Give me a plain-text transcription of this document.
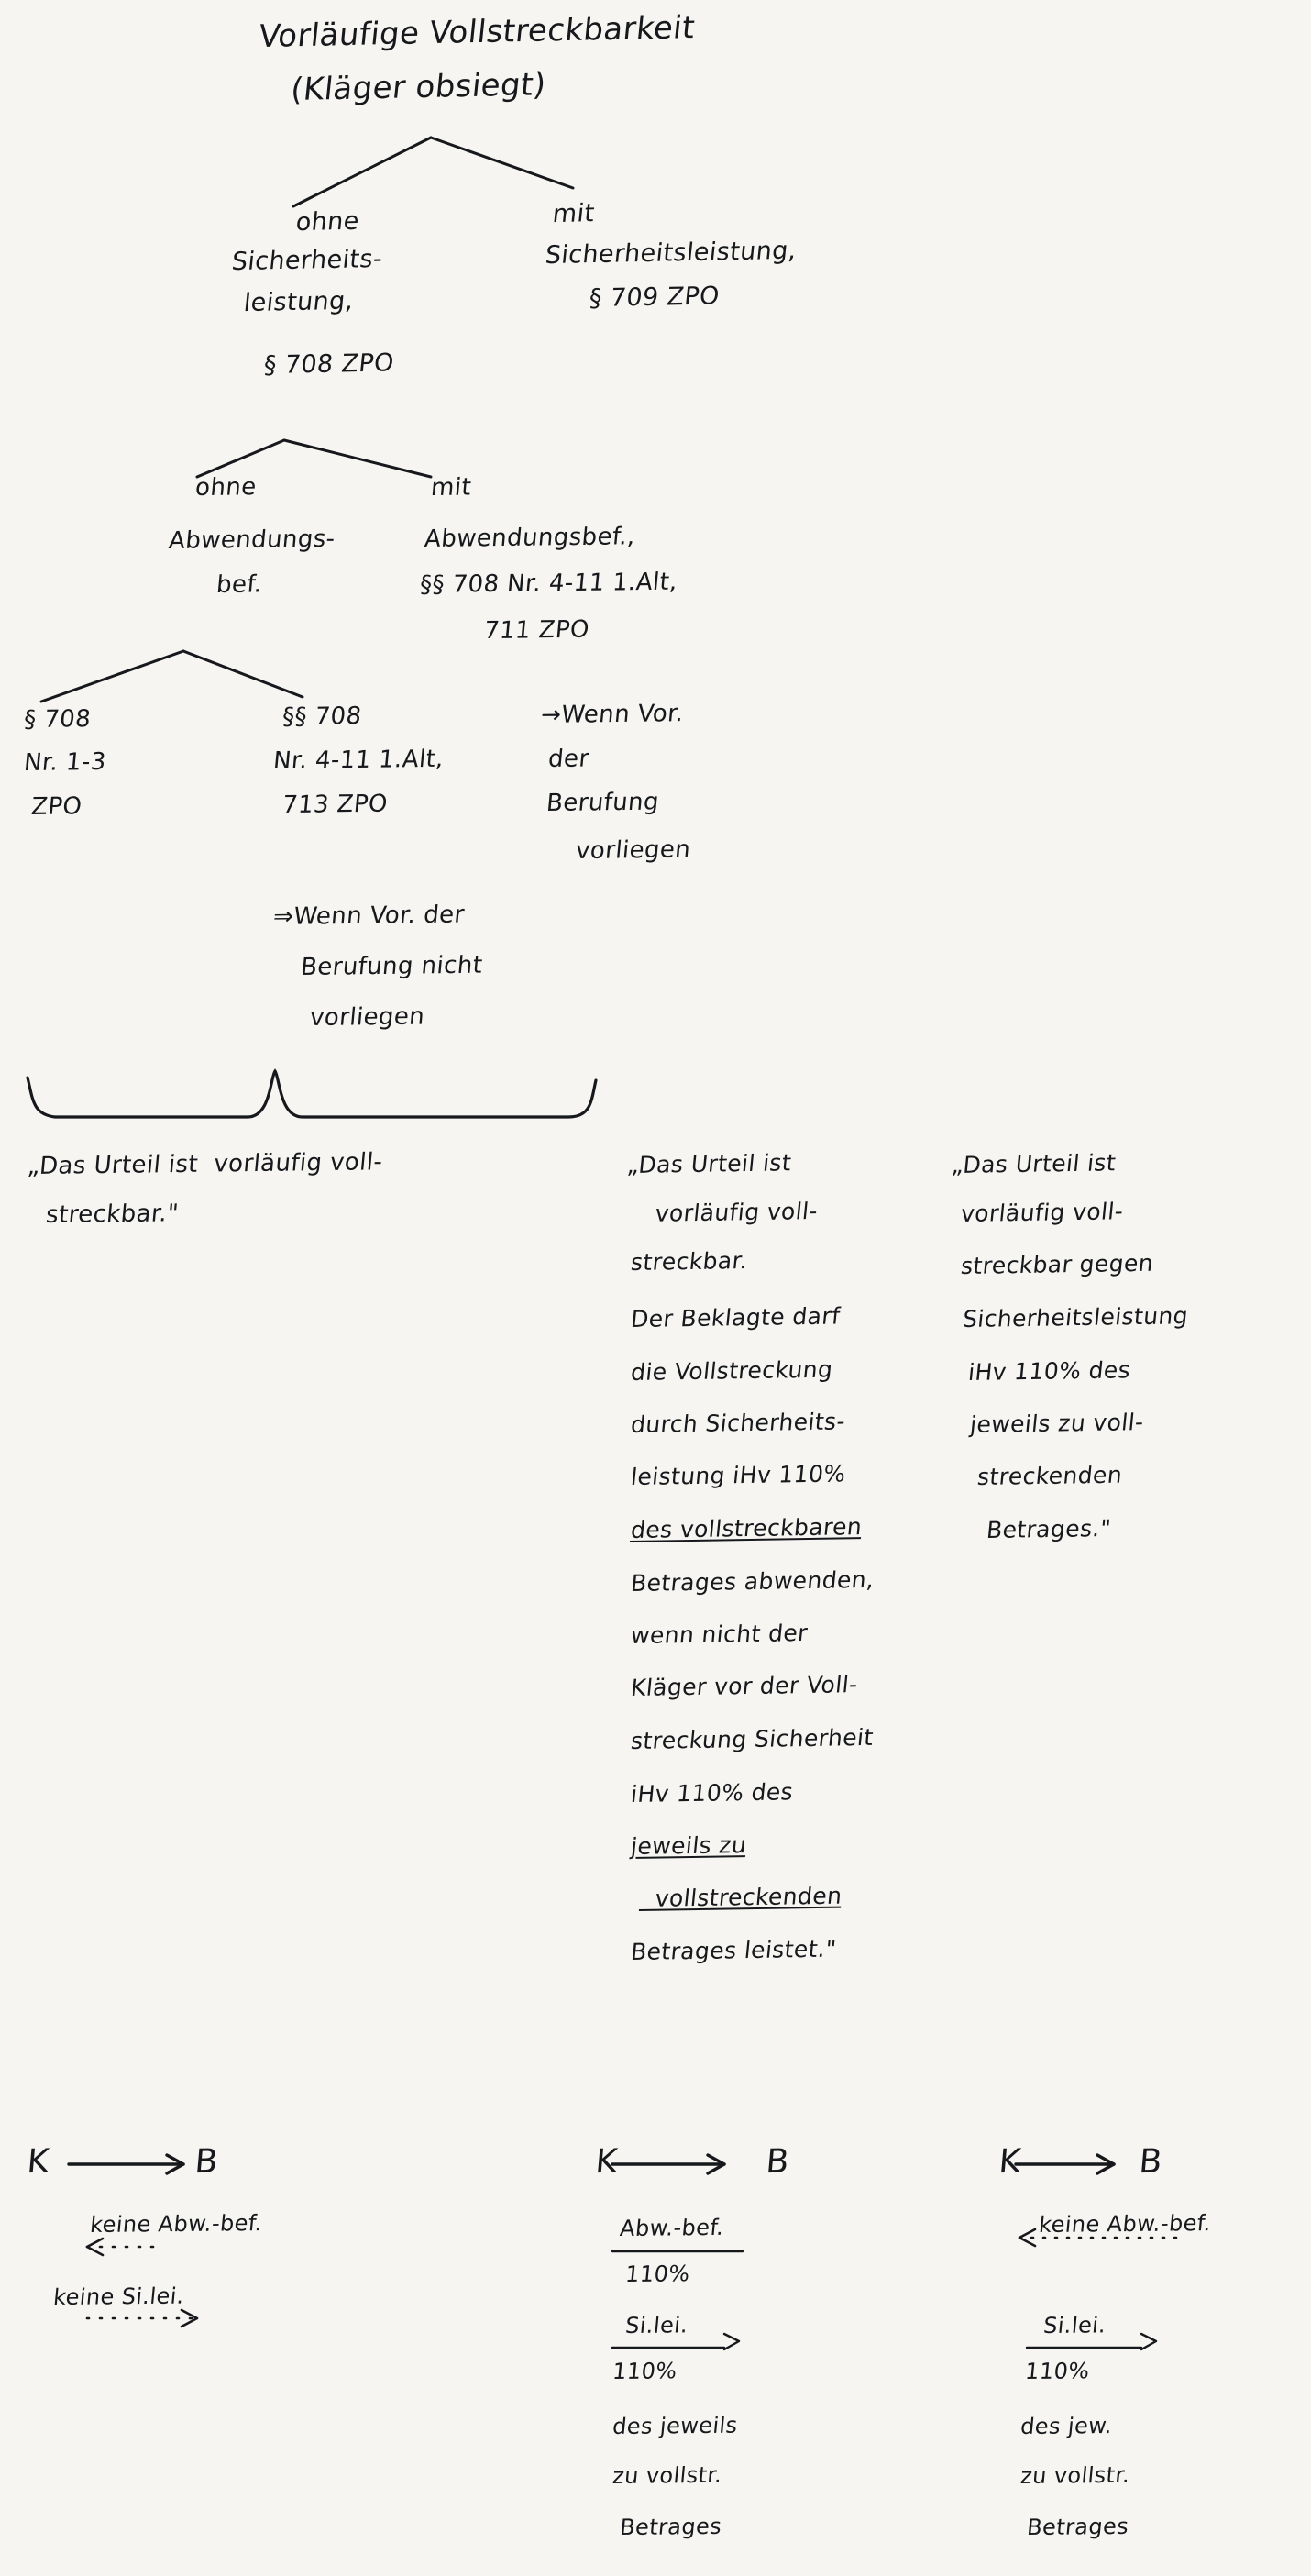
Vorläufige Vollstreckbarkeit
(Kläger obsiegt)
ohne
Sicherheits-
leistung,
§ 708 ZPO
mit
Sicherheitsleistung,
§ 709 ZPO
ohne
Abwendungs-
bef.
mit
Abwendungsbef.,
§§ 708 Nr. 4-11 1.Alt,
711 ZPO
§ 708
Nr. 1-3
ZPO
§§ 708
Nr. 4-11 1.Alt,
713 ZPO
→Wenn Vor.
der
Berufung
vorliegen
⇒Wenn Vor. der
Berufung nicht
vorliegen
„Das Urteil ist  vorläufig voll-
streckbar."
„Das Urteil ist
vorläufig voll-
streckbar.
Der Beklagte darf
die Vollstreckung
durch Sicherheits-
leistung iHv 110%
des vollstreckbaren
Betrages abwenden,
wenn nicht der
Kläger vor der Voll-
streckung Sicherheit
iHv 110% des
jeweils zu
vollstreckenden
Betrages leistet."
„Das Urteil ist
vorläufig voll-
streckbar gegen
Sicherheitsleistung
iHv 110% des
jeweils zu voll-
streckenden
Betrages."
K	B
keine Abw.-bef.
keine Si.lei.
K	B
Abw.-bef.
110%
Si.lei.
110%
des jeweils
zu vollstr.
Betrages
K	B
keine Abw.-bef.
Si.lei.
110%
des jew.
zu vollstr.
Betrages
